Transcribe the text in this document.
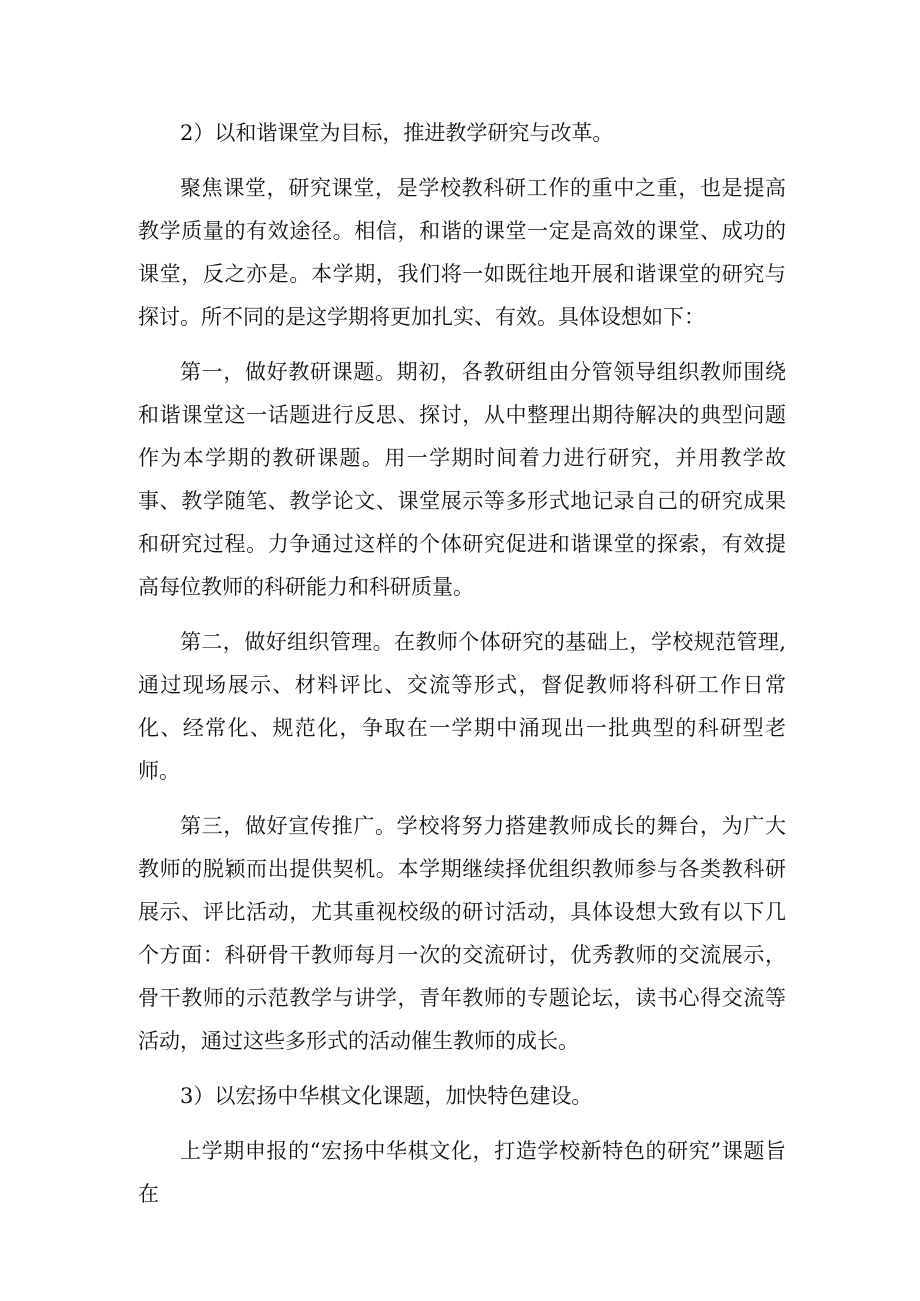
2）以和谐课堂为目标，推进教学研究与改革。

聚焦课堂，研究课堂，是学校教科研工作的重中之重，也是提高教学质量的有效途径。相信，和谐的课堂一定是高效的课堂、成功的课堂，反之亦是。本学期，我们将一如既往地开展和谐课堂的研究与探讨。所不同的是这学期将更加扎实、有效。具体设想如下：

第一，做好教研课题。期初，各教研组由分管领导组织教师围绕和谐课堂这一话题进行反思、探讨，从中整理出期待解决的典型问题作为本学期的教研课题。用一学期时间着力进行研究，并用教学故事、教学随笔、教学论文、课堂展示等多形式地记录自己的研究成果和研究过程。力争通过这样的个体研究促进和谐课堂的探索，有效提高每位教师的科研能力和科研质量。

第二，做好组织管理。在教师个体研究的基础上，学校规范管理,通过现场展示、材料评比、交流等形式，督促教师将科研工作日常化、经常化、规范化，争取在一学期中涌现出一批典型的科研型老师。

第三，做好宣传推广。学校将努力搭建教师成长的舞台，为广大教师的脱颖而出提供契机。本学期继续择优组织教师参与各类教科研展示、评比活动，尤其重视校级的研讨活动，具体设想大致有以下几个方面：科研骨干教师每月一次的交流研讨，优秀教师的交流展示，骨干教师的示范教学与讲学，青年教师的专题论坛，读书心得交流等活动，通过这些多形式的活动催生教师的成长。

3）以宏扬中华棋文化课题，加快特色建设。

上学期申报的“宏扬中华棋文化，打造学校新特色的研究”课题旨在
